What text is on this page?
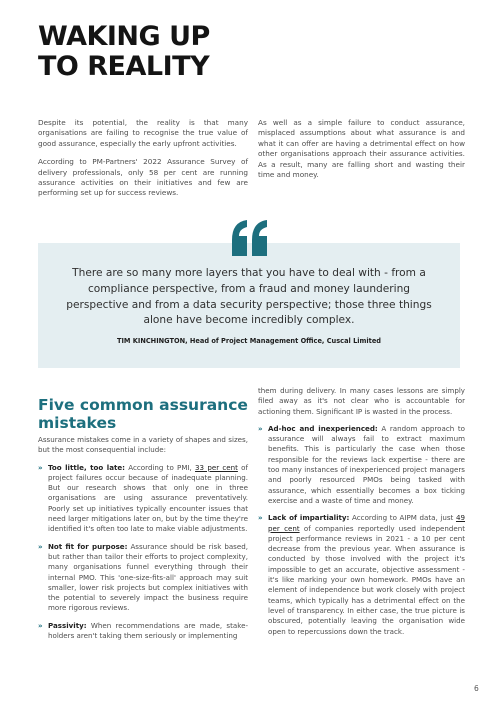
WAKING UP
TO REALITY

Despite its potential, the reality is that many organisations are failing to recognise the true value of good assurance, especially the early upfront activities.

According to PM-Partners' 2022 Assurance Survey of delivery professionals, only 58 per cent are running assurance activities on their initiatives and few are performing set up for success reviews.

As well as a simple failure to conduct assurance, misplaced assumptions about what assurance is and what it can offer are having a detrimental effect on how other organisations approach their assurance activities. As a result, many are falling short and wasting their time and money.

There are so many more layers that you have to deal with - from a compliance perspective, from a fraud and money laundering perspective and from a data security perspective; those three things alone have become incredibly complex.
TIM KINCHINGTON, Head of Project Management Office, Cuscal Limited
Five common assurance mistakes

Assurance mistakes come in a variety of shapes and sizes, but the most consequential include:

» Too little, too late: According to PMI, 33 per cent of project failures occur because of inadequate planning. But our research shows that only one in three organisations are using assurance preventatively. Poorly set up initiatives typically encounter issues that need larger mitigations later on, but by the time they're identified it's often too late to make viable adjustments.
» Not fit for purpose: Assurance should be risk based, but rather than tailor their efforts to project complexity, many organisations funnel everything through their internal PMO. This 'one-size-fits-all' approach may suit smaller, lower risk projects but complex initiatives with the potential to severely impact the business require more rigorous reviews.
» Passivity: When recommendations are made, stake-holders aren't taking them seriously or implementing

them during delivery. In many cases lessons are simply filed away as it's not clear who is accountable for actioning them. Significant IP is wasted in the process.

» Ad-hoc and inexperienced: A random approach to assurance will always fail to extract maximum benefits. This is particularly the case when those responsible for the reviews lack expertise - there are too many instances of inexperienced project managers and poorly resourced PMOs being tasked with assurance, which essentially becomes a box ticking exercise and a waste of time and money.
» Lack of impartiality: According to AIPM data, just 49 per cent of companies reportedly used independent project performance reviews in 2021 - a 10 per cent decrease from the previous year. When assurance is conducted by those involved with the project it's impossible to get an accurate, objective assessment - it's like marking your own homework. PMOs have an element of independence but work closely with project teams, which typically has a detrimental effect on the level of transparency. In either case, the true picture is obscured, potentially leaving the organisation wide open to repercussions down the track.
6
